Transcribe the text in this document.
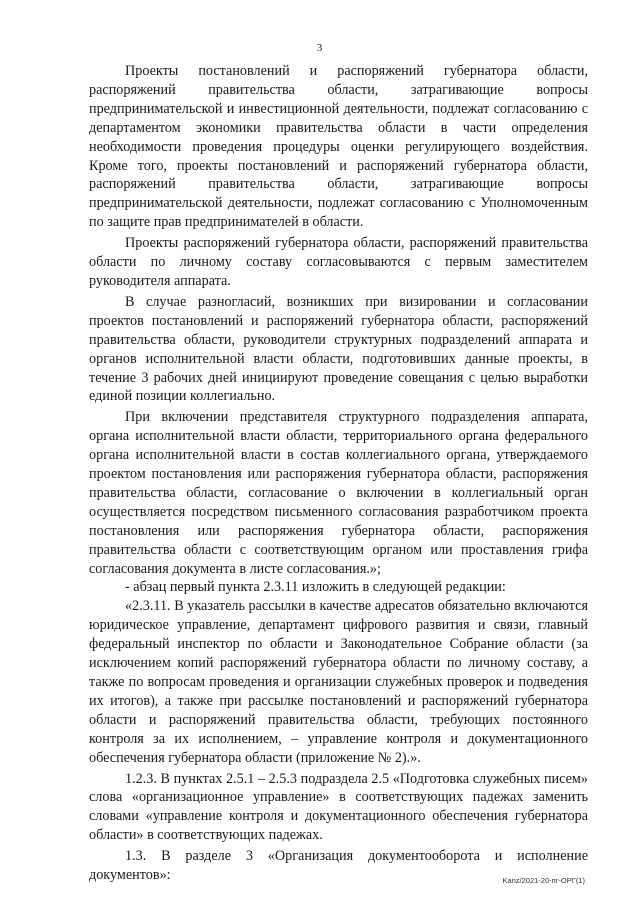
3

Проекты постановлений и распоряжений губернатора области, распоряжений правительства области, затрагивающие вопросы предпринимательской и инвестиционной деятельности, подлежат согласованию с департаментом экономики правительства области в части определения необходимости проведения процедуры оценки регулирующего воздействия. Кроме того, проекты постановлений и распоряжений губернатора области, распоряжений правительства области, затрагивающие вопросы предпринимательской деятельности, подлежат согласованию с Уполномоченным по защите прав предпринимателей в области.

Проекты распоряжений губернатора области, распоряжений правительства области по личному составу согласовываются с первым заместителем руководителя аппарата.

В случае разногласий, возникших при визировании и согласовании проектов постановлений и распоряжений губернатора области, распоряжений правительства области, руководители структурных подразделений аппарата и органов исполнительной власти области, подготовивших данные проекты, в течение 3 рабочих дней инициируют проведение совещания с целью выработки единой позиции коллегиально.

При включении представителя структурного подразделения аппарата, органа исполнительной власти области, территориального органа федерального органа исполнительной власти в состав коллегиального органа, утверждаемого проектом постановления или распоряжения губернатора области, распоряжения правительства области, согласование о включении в коллегиальный орган осуществляется посредством письменного согласования разработчиком проекта постановления или распоряжения губернатора области, распоряжения правительства области с соответствующим органом или проставления грифа согласования документа в листе согласования.»;

- абзац первый пункта 2.3.11 изложить в следующей редакции:

«2.3.11. В указатель рассылки в качестве адресатов обязательно включаются юридическое управление, департамент цифрового развития и связи, главный федеральный инспектор по области и Законодательное Собрание области (за исключением копий распоряжений губернатора области по личному составу, а также по вопросам проведения и организации служебных проверок и подведения их итогов), а также при рассылке постановлений и распоряжений губернатора области и распоряжений правительства области, требующих постоянного контроля за их исполнением, – управление контроля и документационного обеспечения губернатора области (приложение № 2).».

1.2.3. В пунктах 2.5.1 – 2.5.3 подраздела 2.5 «Подготовка служебных писем» слова «организационное управление» в соответствующих падежах заменить словами «управление контроля и документационного обеспечения губернатора области» в соответствующих падежах.

1.3. В разделе 3 «Организация документооборота и исполнение документов»:	Kanz/2021-20-пг-ОРГ(1)
